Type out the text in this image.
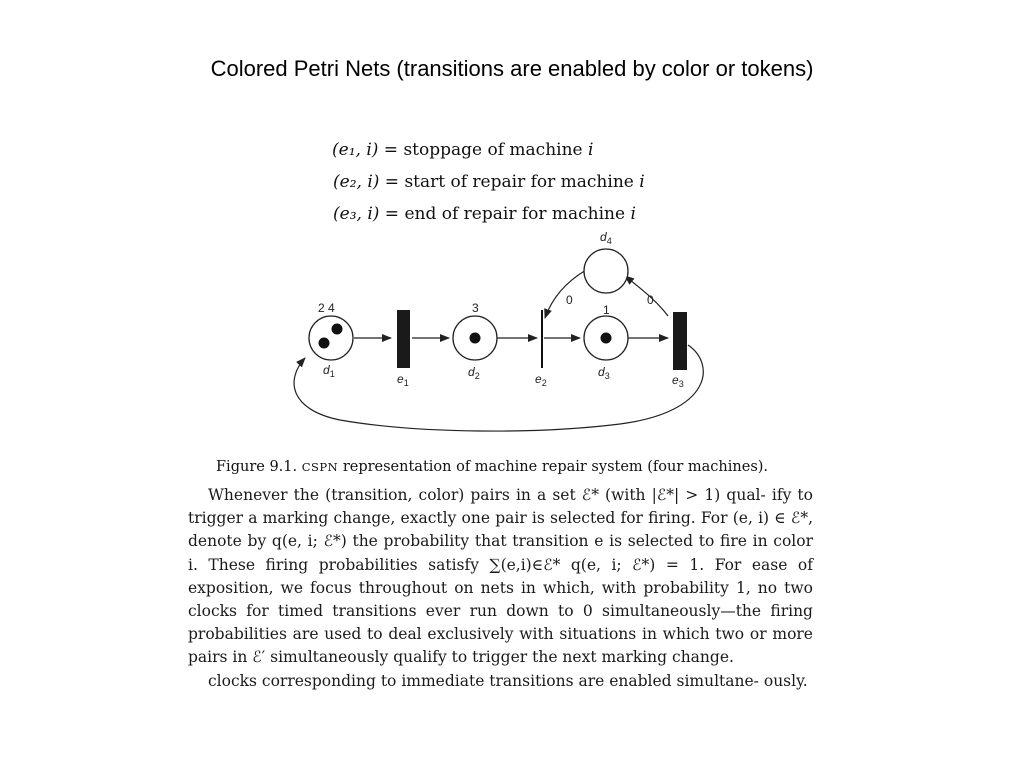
Colored Petri Nets (transitions are enabled by color or tokens)
(e₁, i) = stoppage of machine i
(e₂, i) = start of repair for machine i
(e₃, i) = end of repair for machine i
2 4	3	1
0	0
$d_1$	$d_2$	$d_3$
$d_4$
$e_1$	$e_2$	$e_3$
Figure 9.1. CSPN representation of machine repair system (four machines).

Whenever the (transition, color) pairs in a set ℰ* (with |ℰ*| > 1) qual- ify to trigger a marking change, exactly one pair is selected for firing. For (e, i) ∈ ℰ*, denote by q(e, i; ℰ*) the probability that transition e is selected to fire in color i. These firing probabilities satisfy ∑(e,i)∈ℰ* q(e, i; ℰ*) = 1. For ease of exposition, we focus throughout on nets in which, with probability 1, no two clocks for timed transitions ever run down to 0 simultaneously—the firing probabilities are used to deal exclusively with situations in which two or more pairs in ℰ′ simultaneously qualify to trigger the next marking change.

clocks corresponding to immediate transitions are enabled simultane- ously.
